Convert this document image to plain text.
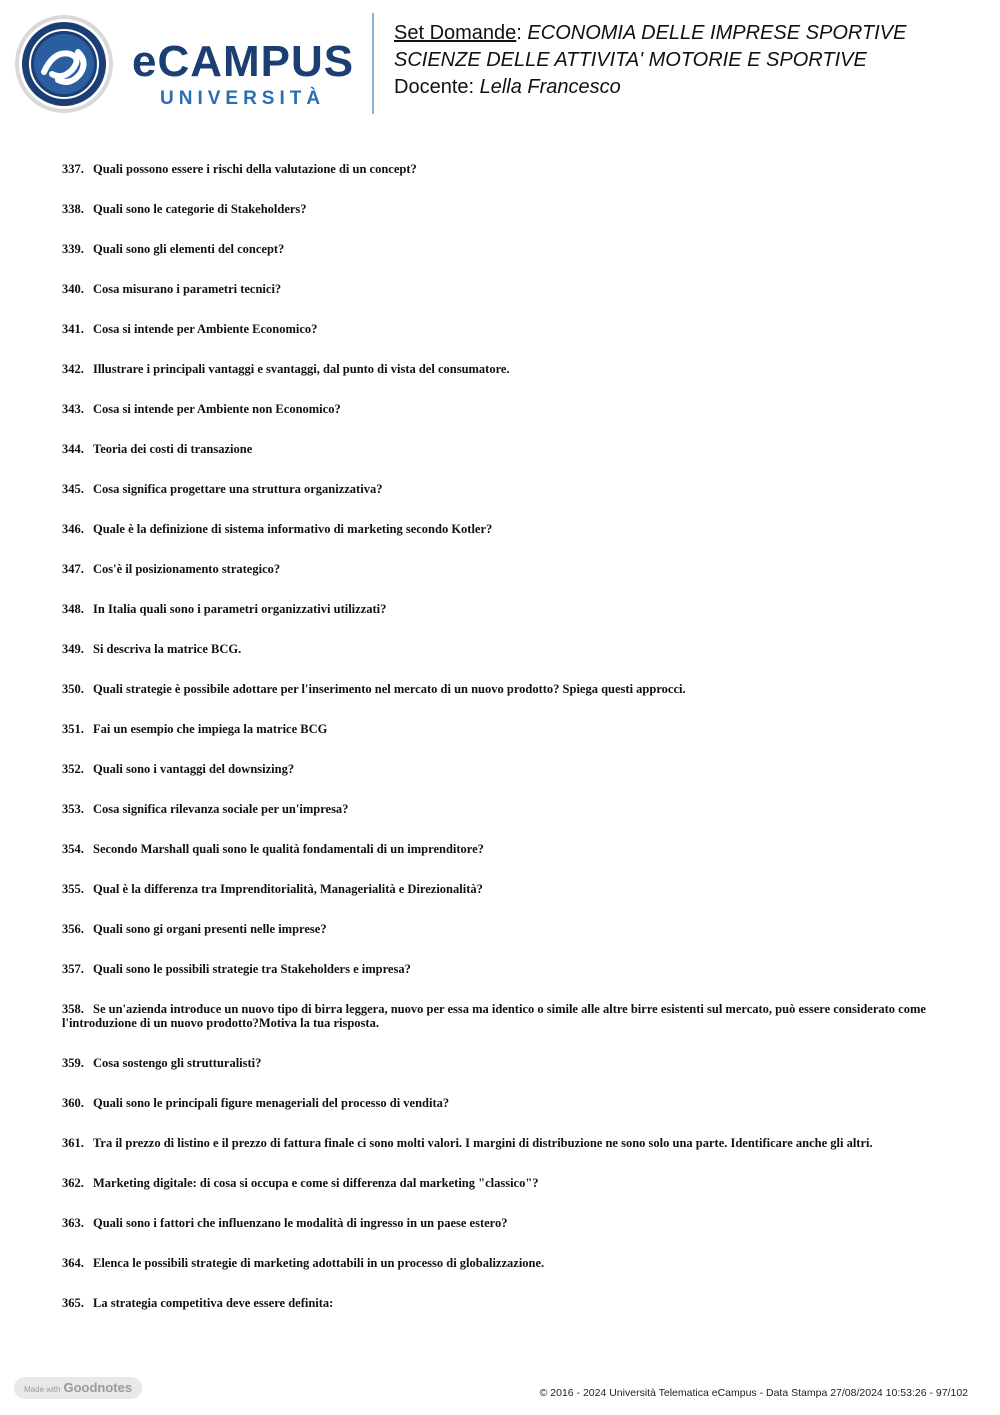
eCAMPUS
UNIVERSITÀ
Set Domande: ECONOMIA DELLE IMPRESE SPORTIVE
SCIENZE DELLE ATTIVITA' MOTORIE E SPORTIVE
Docente: Lella Francesco
337. Quali possono essere i rischi della valutazione di un concept?
338. Quali sono le categorie di Stakeholders?
339. Quali sono gli elementi del concept?
340. Cosa misurano i parametri tecnici?
341. Cosa si intende per Ambiente Economico?
342. Illustrare i principali vantaggi e svantaggi, dal punto di vista del consumatore.
343. Cosa si intende per Ambiente non Economico?
344. Teoria dei costi di transazione
345. Cosa significa progettare una struttura organizzativa?
346. Quale è la definizione di sistema informativo di marketing secondo Kotler?
347. Cos'è il posizionamento strategico?
348. In Italia quali sono i parametri organizzativi utilizzati?
349. Si descriva la matrice BCG.
350. Quali strategie è possibile adottare per l'inserimento nel mercato di un nuovo prodotto? Spiega questi approcci.
351. Fai un esempio che impiega la matrice BCG
352. Quali sono i vantaggi del downsizing?
353. Cosa significa rilevanza sociale per un'impresa?
354. Secondo Marshall quali sono le qualità fondamentali di un imprenditore?
355. Qual è la differenza tra Imprenditorialità, Managerialità e Direzionalità?
356. Quali sono gi organi presenti nelle imprese?
357. Quali sono le possibili strategie tra Stakeholders e impresa?
358. Se un'azienda introduce un nuovo tipo di birra leggera, nuovo per essa ma identico o simile alle altre birre esistenti sul mercato, può essere considerato come l'introduzione di un nuovo prodotto?Motiva la tua risposta.
359. Cosa sostengo gli strutturalisti?
360. Quali sono le principali figure menageriali del processo di vendita?
361. Tra il prezzo di listino e il prezzo di fattura finale ci sono molti valori. I margini di distribuzione ne sono solo una parte. Identificare anche gli altri.
362. Marketing digitale: di cosa si occupa e come si differenza dal marketing "classico"?
363. Quali sono i fattori che influenzano le modalità di ingresso in un paese estero?
364. Elenca le possibili strategie di marketing adottabili in un processo di globalizzazione.
365. La strategia competitiva deve essere definita:
Made with Goodnotes	© 2016 - 2024 Università Telematica eCampus - Data Stampa 27/08/2024 10:53:26 - 97/102
